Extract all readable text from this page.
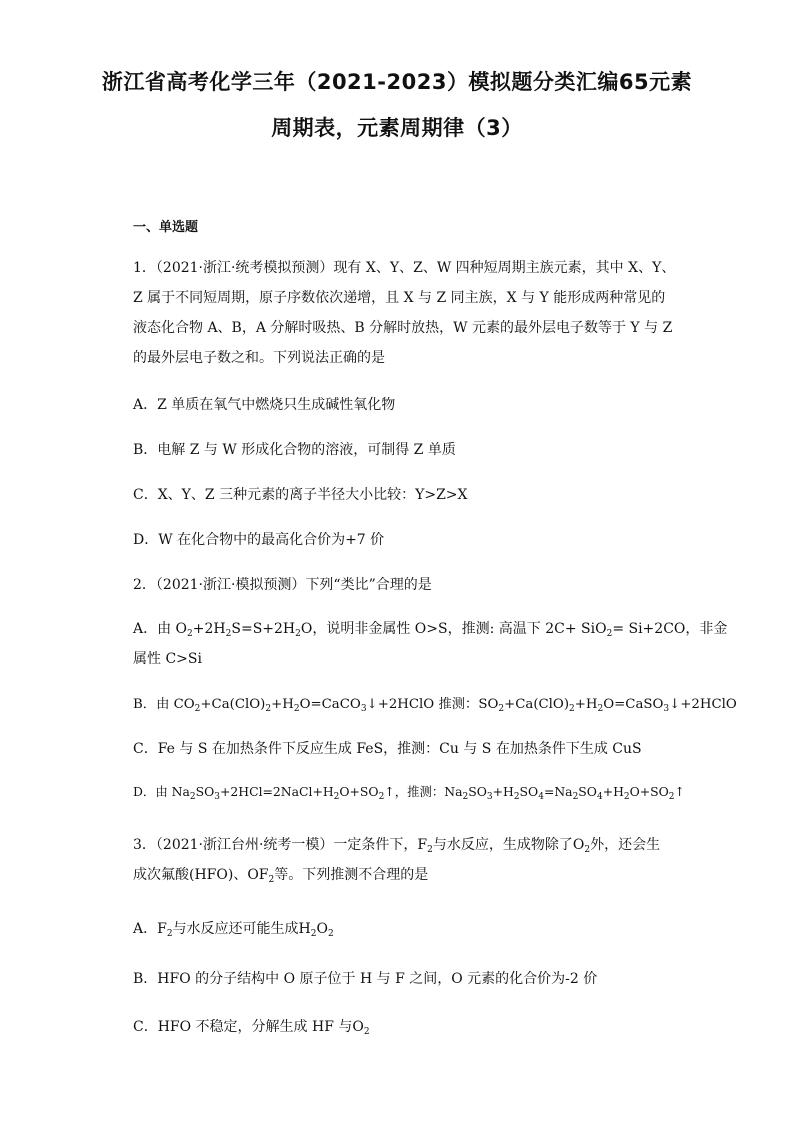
浙江省高考化学三年（2021-2023）模拟题分类汇编65元素
周期表，元素周期律（3）
一、单选题
1．（2021·浙江·统考模拟预测）现有 X、Y、Z、W 四种短周期主族元素，其中 X、Y、
Z 属于不同短周期，原子序数依次递增，且 X 与 Z 同主族，X 与 Y 能形成两种常见的
液态化合物 A、B，A 分解时吸热、B 分解时放热，W 元素的最外层电子数等于 Y 与 Z
的最外层电子数之和。下列说法正确的是
A．Z 单质在氧气中燃烧只生成碱性氧化物
B．电解 Z 与 W 形成化合物的溶液，可制得 Z 单质
C．X、Y、Z 三种元素的离子半径大小比较：Y>Z>X
D．W 在化合物中的最高化合价为+7 价
2．（2021·浙江·模拟预测）下列“类比”合理的是
A．由 $O_2+2H_2S=S+2H_2O$，说明非金属性 O>S，推测: 高温下 2C+ SiO$_2$= Si+2CO，非金
属性 C>Si
B．由 $CO_2+Ca(ClO)_2+H_2O=CaCO_3↓+2HClO$ 推测：$SO_2+Ca(ClO)_2+H_2O=CaSO_3↓+2HClO$
C．Fe 与 S 在加热条件下反应生成 FeS，推测：Cu 与 S 在加热条件下生成 CuS
D．由 $Na_2SO_3+2HCl=2NaCl+H_2O+SO_2↑$，推测：$Na_2SO_3+H_2SO_4=Na_2SO_4+H_2O+SO_2↑$
3．（2021·浙江台州·统考一模）一定条件下，$F_2$与水反应，生成物除了$O_2$外，还会生
成次氟酸(HFO)、$OF_2$等。下列推测不合理的是
A．$F_2$与水反应还可能生成$H_2O_2$
B．HFO 的分子结构中 O 原子位于 H 与 F 之间，O 元素的化合价为-2 价
C．HFO 不稳定，分解生成 HF 与$O_2$
